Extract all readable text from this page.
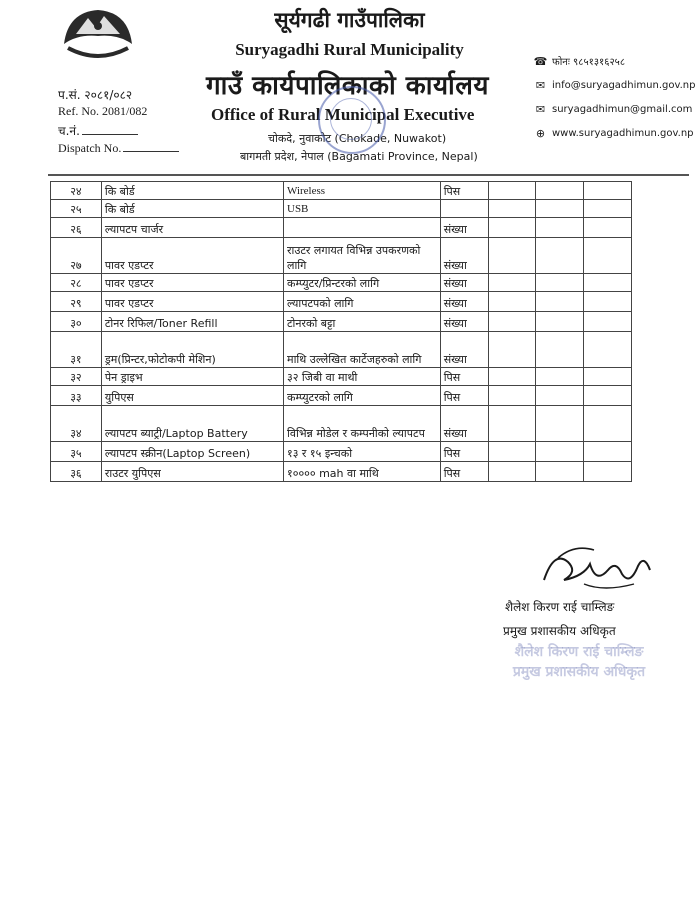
सूर्यगढी गाउँपालिका
Suryagadhi Rural Municipality
गाउँ कार्यपालिकाको कार्यालय
Office of Rural Municipal Executive
चोकदे, नुवाकोट (Chokade, Nuwakot)
बागमती प्रदेश, नेपाल (Bagamati Province, Nepal)
प.सं. २०८१/०८२
Ref. No. 2081/082
च.नं.
Dispatch No.
☎ फोनः ९८५१३१६२५८
✉ info@suryagadhimun.gov.np
✉ suryagadhimun@gmail.com
⊕ www.suryagadhimun.gov.np
२४	कि बोर्ड	Wireless	पिस			
२५	कि बोर्ड	USB				
२६	ल्यापटप चार्जर		संख्या			
२७	पावर एडप्टर	राउटर लगायत विभिन्न उपकरणको लागि	संख्या			
२८	पावर एडप्टर	कम्प्युटर/प्रिन्टरको लागि	संख्या			
२९	पावर एडप्टर	ल्यापटपको लागि	संख्या			
३०	टोनर रिफिल/Toner Refill	टोनरको बट्टा	संख्या			
३१	ड्रम(प्रिन्टर,फोटोकपी मेशिन)	माथि उल्लेखित कार्टेजहरुको लागि	संख्या			
३२	पेन ड्राइभ	३२ जिबी वा माथी	पिस			
३३	युपिएस	कम्प्युटरको लागि	पिस			
३४	ल्यापटप ब्याट्री/Laptop Battery	विभिन्न मोडेल र कम्पनीको ल्यापटप	संख्या			
३५	ल्यापटप स्क्रीन(Laptop Screen)	१३ र १५ इन्चको	पिस			
३६	राउटर युपिएस	१०००० mah वा माथि	पिस			
शैलेश किरण राई चाम्लिङ
प्रमुख प्रशासकीय अधिकृत
शैलेश किरण राई चाम्लिङ
प्रमुख प्रशासकीय अधिकृत
